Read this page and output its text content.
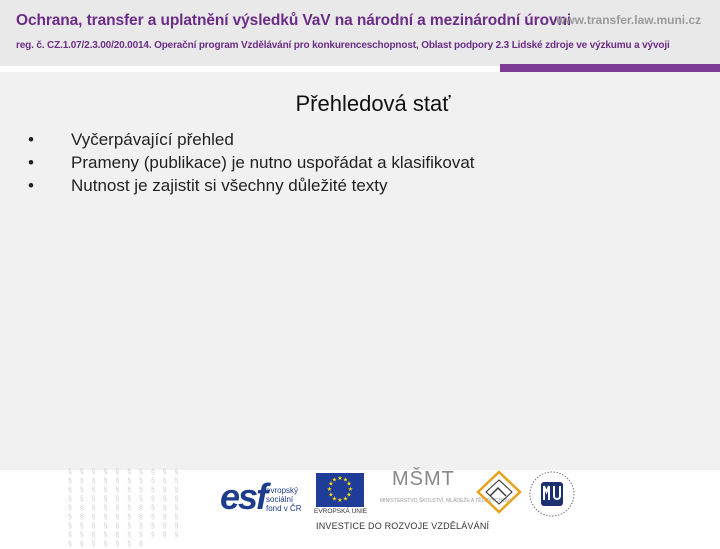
Ochrana, transfer a uplatnění výsledků VaV na národní a mezinárodní úrovni
www.transfer.law.muni.cz
reg. č. CZ.1.07/2.3.00/20.0014. Operační program Vzdělávání pro konkurenceschopnost, Oblast podpory 2.3 Lidské zdroje ve výzkumu a vývoji
Přehledová stať
• Vyčerpávající přehled
• Prameny (publikace) je nutno uspořádat a klasifikovat
• Nutnost je zajistit si všechny důležité texty
§ § § § § § § § § § § § § § § § § § § § § § § § § § § § § § § § § § § § § § § § § § § § § § § § § § § § § § § § § § § § § § § § § § § § § § § § § § § § § § § § § § § § § § §
esf evropský
sociální
fond v ČR
★ ★
★
★
★
★
★
★
★
★
★
★
EVROPSKÁ UNIE
MŠMT
MINISTERSTVO ŠKOLSTVÍ, MLÁDEŽE A TĚLOVÝCHOVY
INVESTICE DO ROZVOJE VZDĚLÁVÁNÍ
